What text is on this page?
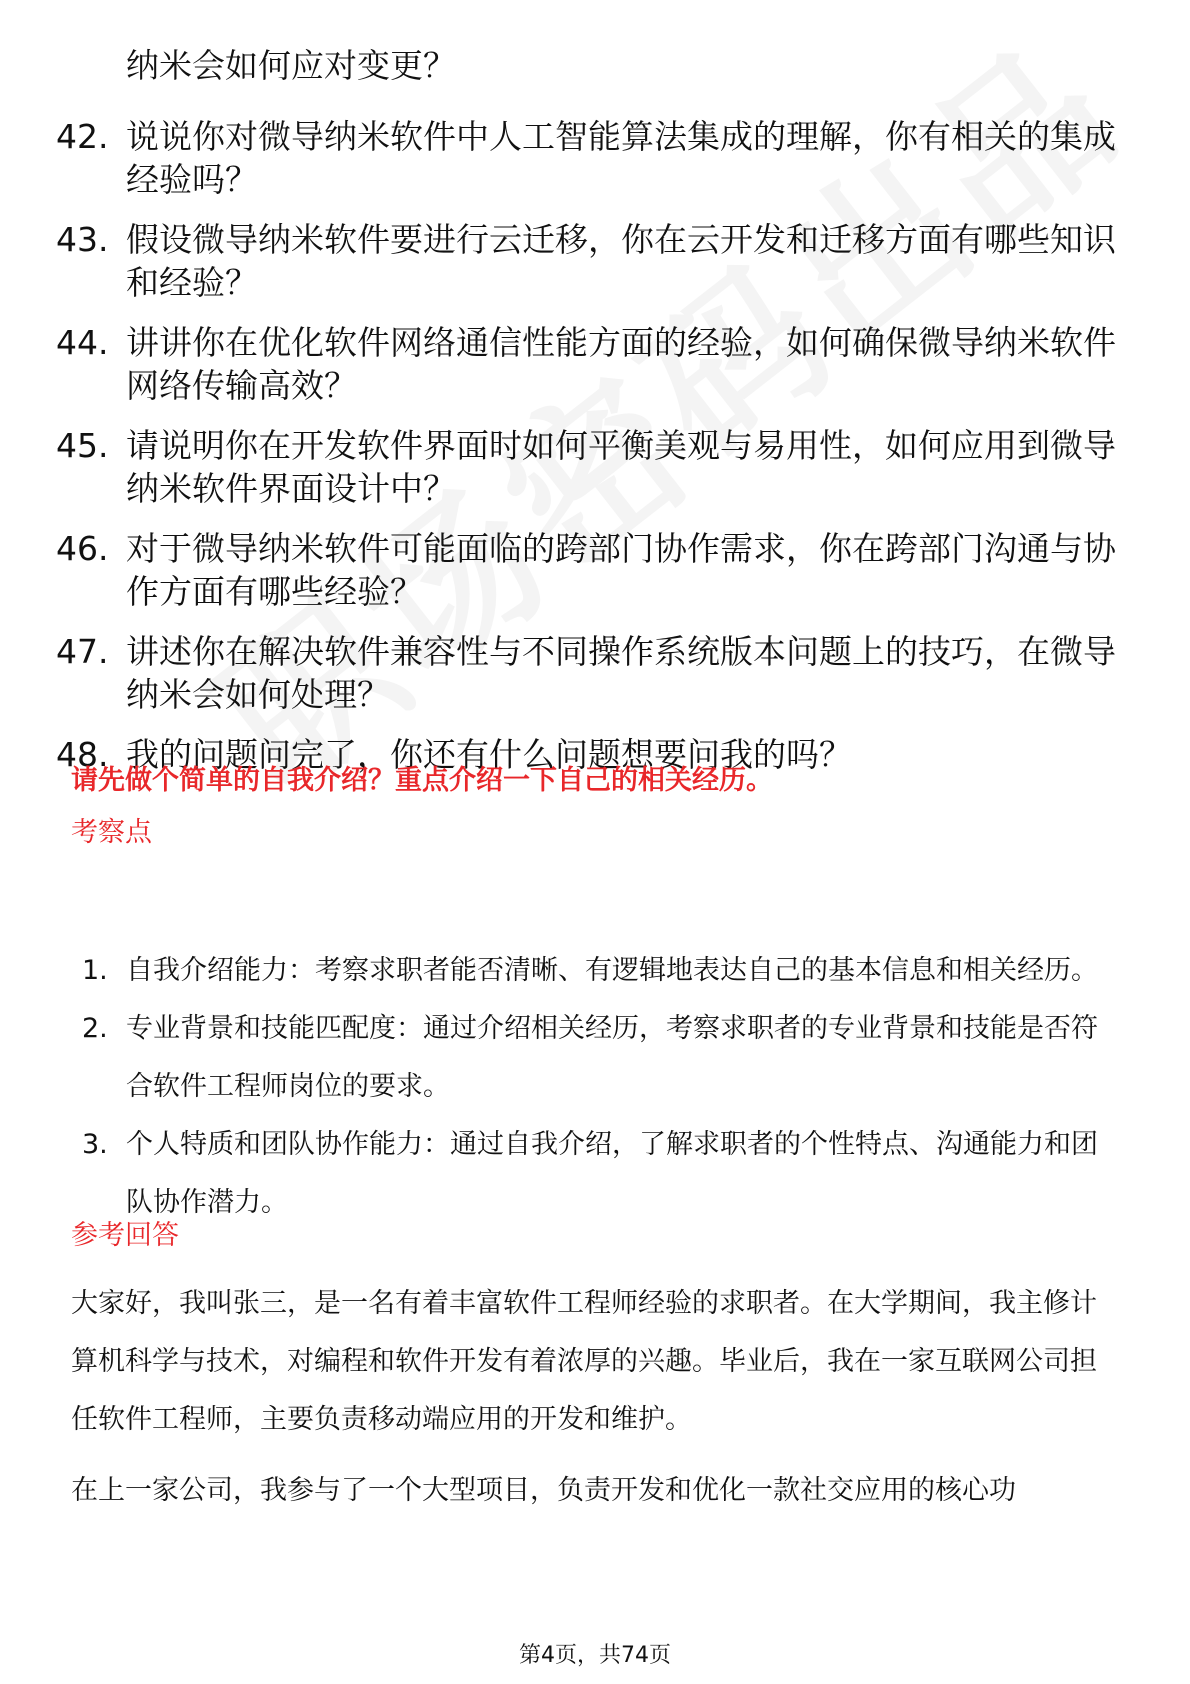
纳米会如何应对变更？
42. 说说你对微导纳米软件中人工智能算法集成的理解，你有相关的集成经验吗？
43. 假设微导纳米软件要进行云迁移，你在云开发和迁移方面有哪些知识和经验？
44. 讲讲你在优化软件网络通信性能方面的经验，如何确保微导纳米软件网络传输高效？
45. 请说明你在开发软件界面时如何平衡美观与易用性，如何应用到微导纳米软件界面设计中？
46. 对于微导纳米软件可能面临的跨部门协作需求，你在跨部门沟通与协作方面有哪些经验？
47. 讲述你在解决软件兼容性与不同操作系统版本问题上的技巧，在微导纳米会如何处理？
48. 我的问题问完了，你还有什么问题想要问我的吗？
请先做个简单的自我介绍？重点介绍一下自己的相关经历。
考察点
1. 自我介绍能力：考察求职者能否清晰、有逻辑地表达自己的基本信息和相关经历。
2. 专业背景和技能匹配度：通过介绍相关经历，考察求职者的专业背景和技能是否符合软件工程师岗位的要求。
3. 个人特质和团队协作能力：通过自我介绍，了解求职者的个性特点、沟通能力和团队协作潜力。
参考回答

大家好，我叫张三，是一名有着丰富软件工程师经验的求职者。在大学期间，我主修计算机科学与技术，对编程和软件开发有着浓厚的兴趣。毕业后，我在一家互联网公司担任软件工程师，主要负责移动端应用的开发和维护。

在上一家公司，我参与了一个大型项目，负责开发和优化一款社交应用的核心功

第4页，共74页
